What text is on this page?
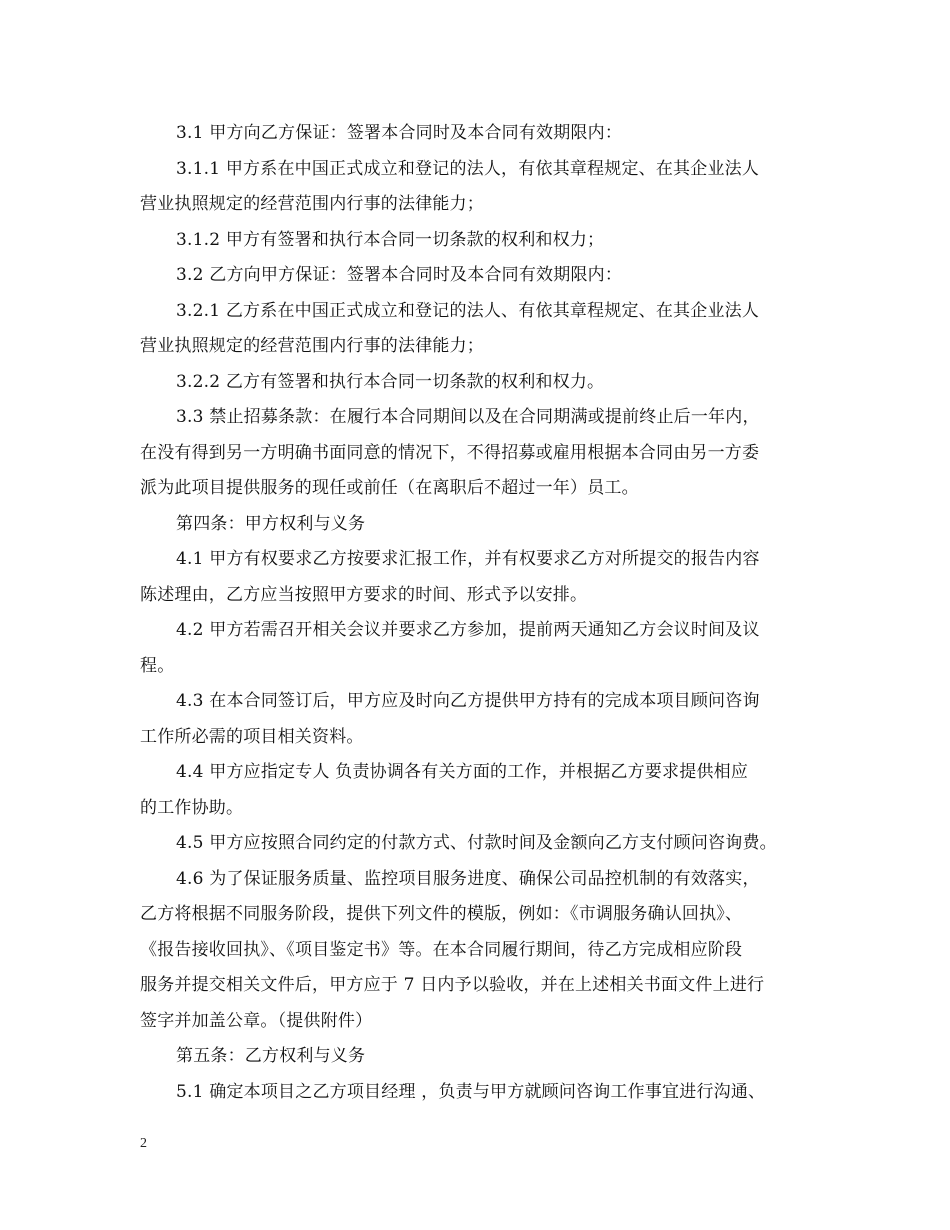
3.1 甲方向乙方保证：签署本合同时及本合同有效期限内：
3.1.1 甲方系在中国正式成立和登记的法人，有依其章程规定、在其企业法人
营业执照规定的经营范围内行事的法律能力；
3.1.2 甲方有签署和执行本合同一切条款的权利和权力；
3.2 乙方向甲方保证：签署本合同时及本合同有效期限内：
3.2.1 乙方系在中国正式成立和登记的法人、有依其章程规定、在其企业法人
营业执照规定的经营范围内行事的法律能力；
3.2.2 乙方有签署和执行本合同一切条款的权利和权力。
3.3 禁止招募条款：在履行本合同期间以及在合同期满或提前终止后一年内，
在没有得到另一方明确书面同意的情况下，不得招募或雇用根据本合同由另一方委
派为此项目提供服务的现任或前任（在离职后不超过一年）员工。
第四条：甲方权利与义务
4.1 甲方有权要求乙方按要求汇报工作，并有权要求乙方对所提交的报告内容
陈述理由，乙方应当按照甲方要求的时间、形式予以安排。
4.2 甲方若需召开相关会议并要求乙方参加，提前两天通知乙方会议时间及议
程。
4.3 在本合同签订后，甲方应及时向乙方提供甲方持有的完成本项目顾问咨询
工作所必需的项目相关资料。
4.4 甲方应指定专人 负责协调各有关方面的工作，并根据乙方要求提供相应
的工作协助。
4.5 甲方应按照合同约定的付款方式、付款时间及金额向乙方支付顾问咨询费。
4.6 为了保证服务质量、监控项目服务进度、确保公司品控机制的有效落实，
乙方将根据不同服务阶段，提供下列文件的模版，例如：《市调服务确认回执》、
《报告接收回执》、《项目鉴定书》等。在本合同履行期间，待乙方完成相应阶段
服务并提交相关文件后，甲方应于 7 日内予以验收，并在上述相关书面文件上进行
签字并加盖公章。（提供附件）
第五条：乙方权利与义务
5.1 确定本项目之乙方项目经理 ，负责与甲方就顾问咨询工作事宜进行沟通、
2
